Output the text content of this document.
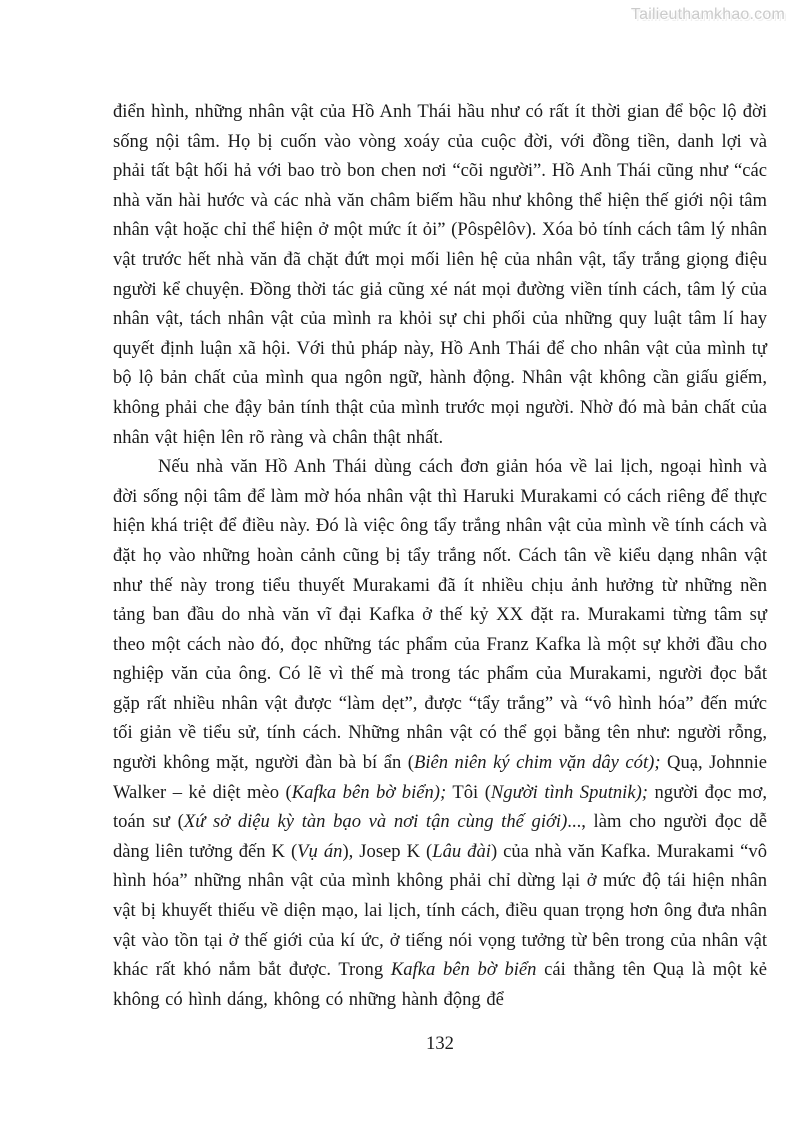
Tailieuthamkhao.com

điển hình, những nhân vật của Hồ Anh Thái hầu như có rất ít thời gian để bộc lộ đời sống nội tâm. Họ bị cuốn vào vòng xoáy của cuộc đời, với đồng tiền, danh lợi và phải tất bật hối hả với bao trò bon chen nơi “cõi người”. Hồ Anh Thái cũng như “các nhà văn hài hước và các nhà văn châm biếm hầu như không thể hiện thế giới nội tâm nhân vật hoặc chỉ thể hiện ở một mức ít ỏi” (Pôspêlôv). Xóa bỏ tính cách tâm lý nhân vật trước hết nhà văn đã chặt đứt mọi mối liên hệ của nhân vật, tẩy trắng giọng điệu người kể chuyện. Đồng thời tác giả cũng xé nát mọi đường viền tính cách, tâm lý của nhân vật, tách nhân vật của mình ra khỏi sự chi phối của những quy luật tâm lí hay quyết định luận xã hội. Với thủ pháp này, Hồ Anh Thái để cho nhân vật của mình tự bộ lộ bản chất của mình qua ngôn ngữ, hành động. Nhân vật không cần giấu giếm, không phải che đậy bản tính thật của mình trước mọi người. Nhờ đó mà bản chất của nhân vật hiện lên rõ ràng và chân thật nhất.

Nếu nhà văn Hồ Anh Thái dùng cách đơn giản hóa về lai lịch, ngoại hình và đời sống nội tâm để làm mờ hóa nhân vật thì Haruki Murakami có cách riêng để thực hiện khá triệt để điều này. Đó là việc ông tẩy trắng nhân vật của mình về tính cách và đặt họ vào những hoàn cảnh cũng bị tẩy trắng nốt. Cách tân về kiểu dạng nhân vật như thế này trong tiểu thuyết Murakami đã ít nhiều chịu ảnh hưởng từ những nền tảng ban đầu do nhà văn vĩ đại Kafka ở thế kỷ XX đặt ra. Murakami từng tâm sự theo một cách nào đó, đọc những tác phẩm của Franz Kafka là một sự khởi đầu cho nghiệp văn của ông. Có lẽ vì thế mà trong tác phẩm của Murakami, người đọc bắt gặp rất nhiều nhân vật được “làm dẹt”, được “tẩy trắng” và “vô hình hóa” đến mức tối giản về tiểu sử, tính cách. Những nhân vật có thể gọi bằng tên như: người rỗng, người không mặt, người đàn bà bí ẩn (Biên niên ký chim vặn dây cót); Quạ, Johnnie Walker – kẻ diệt mèo (Kafka bên bờ biển); Tôi (Người tình Sputnik); người đọc mơ, toán sư (Xứ sở diệu kỳ tàn bạo và nơi tận cùng thế giới)..., làm cho người đọc dễ dàng liên tưởng đến K (Vụ án), Josep K (Lâu đài) của nhà văn Kafka. Murakami “vô hình hóa” những nhân vật của mình không phải chỉ dừng lại ở mức độ tái hiện nhân vật bị khuyết thiếu về diện mạo, lai lịch, tính cách, điều quan trọng hơn ông đưa nhân vật vào tồn tại ở thế giới của kí ức, ở tiếng nói vọng tưởng từ bên trong của nhân vật khác rất khó nắm bắt được. Trong Kafka bên bờ biển cái thằng tên Quạ là một kẻ không có hình dáng, không có những hành động để

132
